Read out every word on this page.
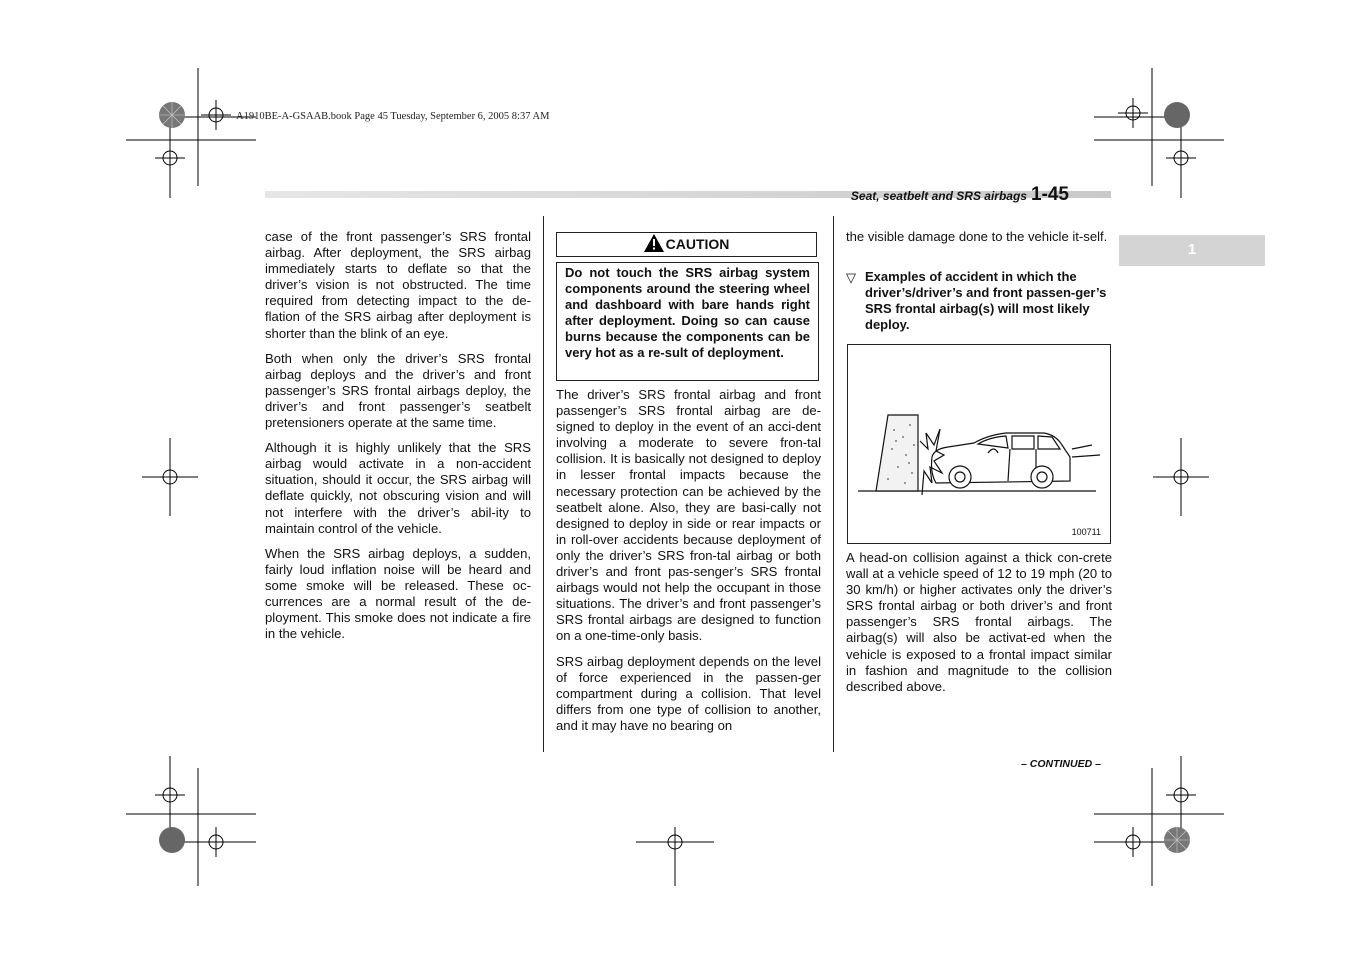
A1910BE-A-GSAAB.book Page 45 Tuesday, September 6, 2005 8:37 AM
Seat, seatbelt and SRS airbags 1-45
1

case of the front passenger’s SRS frontal airbag. After deployment, the SRS airbag immediately starts to deflate so that the driver’s vision is not obstructed. The time required from detecting impact to the de-flation of the SRS airbag after deployment is shorter than the blink of an eye.

Both when only the driver’s SRS frontal airbag deploys and the driver’s and front passenger’s SRS frontal airbags deploy, the driver’s and front passenger’s seatbelt pretensioners operate at the same time.

Although it is highly unlikely that the SRS airbag would activate in a non-accident situation, should it occur, the SRS airbag will deflate quickly, not obscuring vision and will not interfere with the driver’s abil-ity to maintain control of the vehicle.

When the SRS airbag deploys, a sudden, fairly loud inflation noise will be heard and some smoke will be released. These oc-currences are a normal result of the de-ployment. This smoke does not indicate a fire in the vehicle.

CAUTION
Do not touch the SRS airbag system components around the steering wheel and dashboard with bare hands right after deployment. Doing so can cause burns because the components can be very hot as a re-sult of deployment.

The driver’s SRS frontal airbag and front passenger’s SRS frontal airbag are de-signed to deploy in the event of an acci-dent involving a moderate to severe fron-tal collision. It is basically not designed to deploy in lesser frontal impacts because the necessary protection can be achieved by the seatbelt alone. Also, they are basi-cally not designed to deploy in side or rear impacts or in roll-over accidents because deployment of only the driver’s SRS fron-tal airbag or both driver’s and front pas-senger’s SRS frontal airbags would not help the occupant in those situations. The driver’s and front passenger’s SRS frontal airbags are designed to function on a one-time-only basis.

SRS airbag deployment depends on the level of force experienced in the passen-ger compartment during a collision. That level differs from one type of collision to another, and it may have no bearing on

the visible damage done to the vehicle it-self.

▽ Examples of accident in which the driver’s/driver’s and front passen-ger’s SRS frontal airbag(s) will most likely deploy.
100711

A head-on collision against a thick con-crete wall at a vehicle speed of 12 to 19 mph (20 to 30 km/h) or higher activates only the driver’s SRS frontal airbag or both driver’s and front passenger’s SRS frontal airbags. The airbag(s) will also be activat-ed when the vehicle is exposed to a frontal impact similar in fashion and magnitude to the collision described above.

– CONTINUED –
